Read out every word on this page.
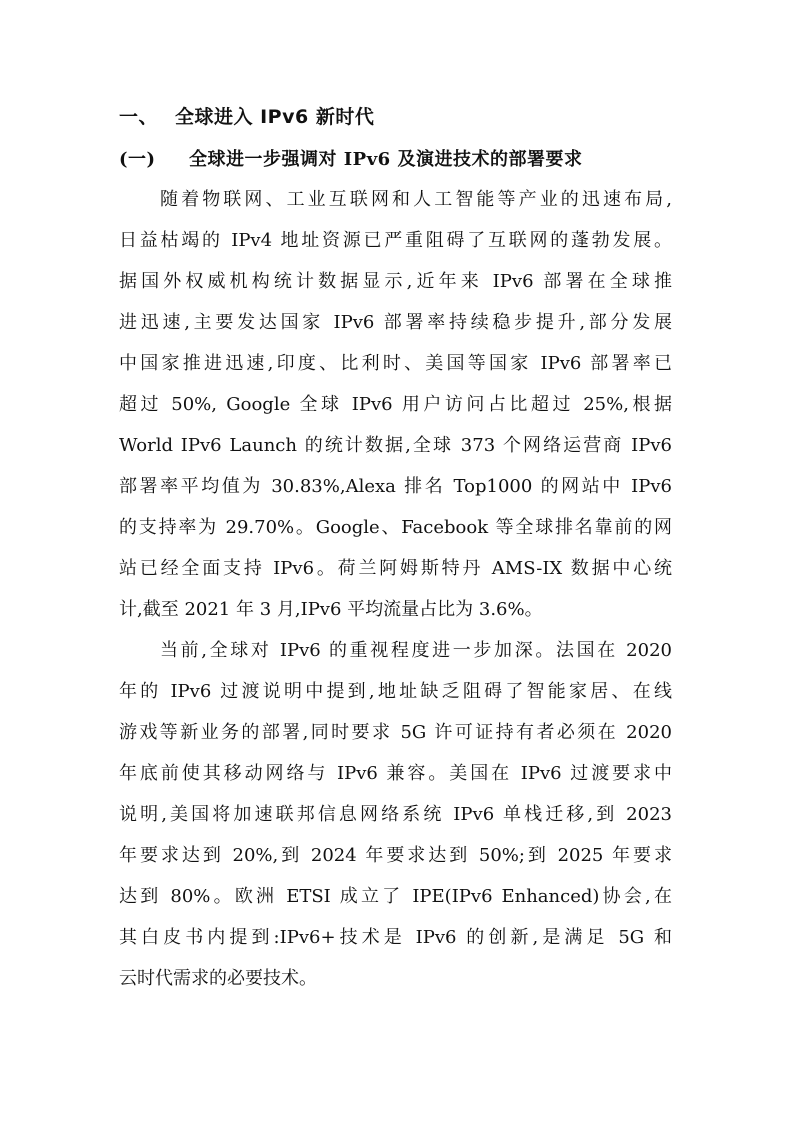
一、 全球进入 IPv6 新时代
(一) 全球进一步强调对 IPv6 及演进技术的部署要求
随着物联网、工业互联网和人工智能等产业的迅速布局,
日益枯竭的 IPv4 地址资源已严重阻碍了互联网的蓬勃发展。
据国外权威机构统计数据显示,近年来 IPv6 部署在全球推
进迅速,主要发达国家 IPv6 部署率持续稳步提升,部分发展
中国家推进迅速,印度、比利时、美国等国家 IPv6 部署率已
超过 50%, Google 全球 IPv6 用户访问占比超过 25%,根据
World IPv6 Launch 的统计数据,全球 373 个网络运营商 IPv6
部署率平均值为 30.83%,Alexa 排名 Top1000 的网站中 IPv6
的支持率为 29.70%。Google、Facebook 等全球排名靠前的网
站已经全面支持 IPv6。荷兰阿姆斯特丹 AMS-IX 数据中心统
计,截至 2021 年 3 月,IPv6 平均流量占比为 3.6%。
当前,全球对 IPv6 的重视程度进一步加深。法国在 2020
年的 IPv6 过渡说明中提到,地址缺乏阻碍了智能家居、在线
游戏等新业务的部署,同时要求 5G 许可证持有者必须在 2020
年底前使其移动网络与 IPv6 兼容。美国在 IPv6 过渡要求中
说明,美国将加速联邦信息网络系统 IPv6 单栈迁移,到 2023
年要求达到 20%,到 2024 年要求达到 50%;到 2025 年要求
达到 80%。欧洲 ETSI 成立了 IPE(IPv6 Enhanced)协会,在
其白皮书内提到:IPv6+技术是 IPv6 的创新,是满足 5G 和
云时代需求的必要技术。
